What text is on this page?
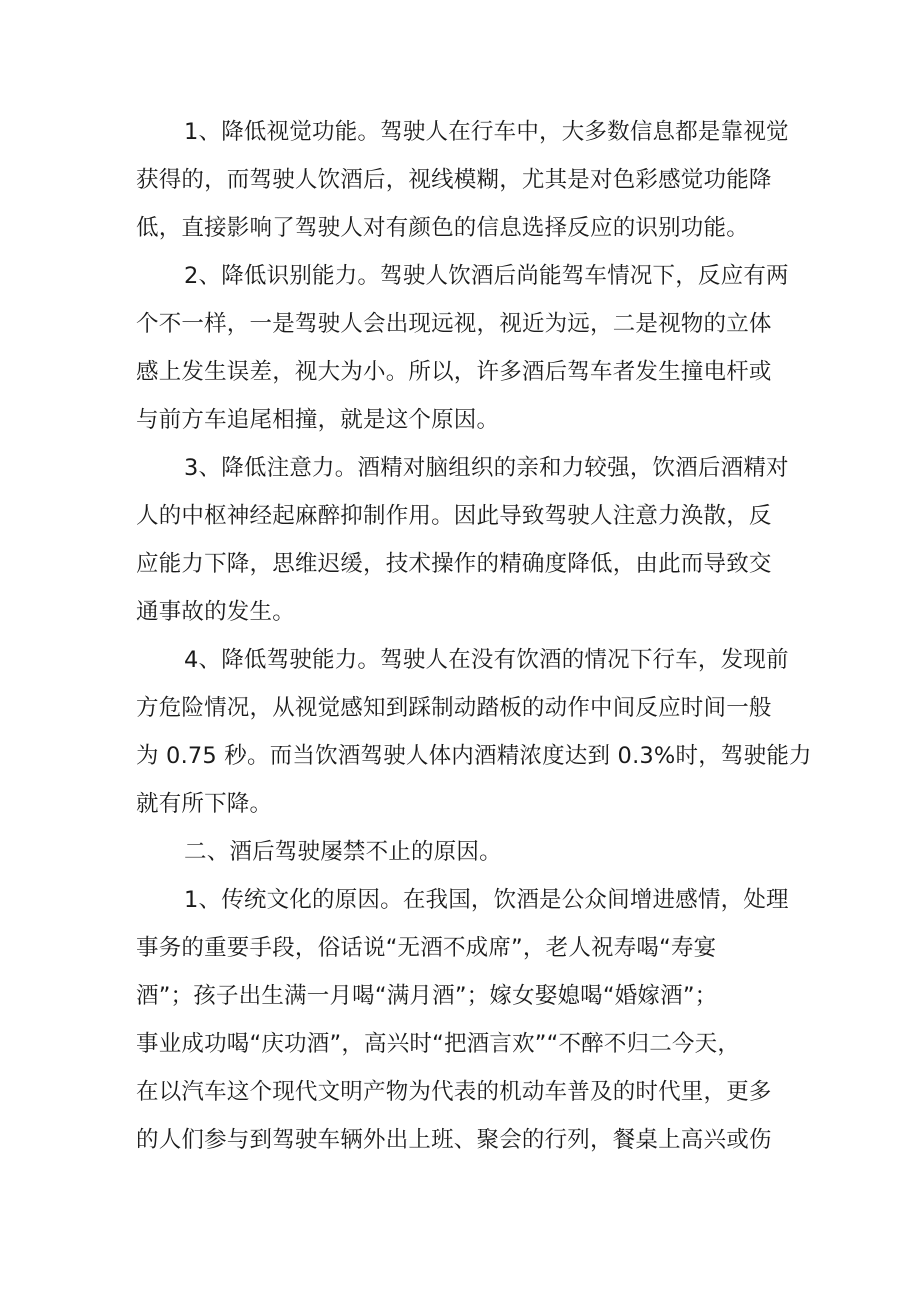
1、降低视觉功能。驾驶人在行车中，大多数信息都是靠视觉
获得的，而驾驶人饮酒后，视线模糊，尤其是对色彩感觉功能降
低，直接影响了驾驶人对有颜色的信息选择反应的识别功能。
2、降低识别能力。驾驶人饮酒后尚能驾车情况下，反应有两
个不一样，一是驾驶人会出现远视，视近为远，二是视物的立体
感上发生误差，视大为小。所以，许多酒后驾车者发生撞电杆或
与前方车追尾相撞，就是这个原因。
3、降低注意力。酒精对脑组织的亲和力较强，饮酒后酒精对
人的中枢神经起麻醉抑制作用。因此导致驾驶人注意力涣散，反
应能力下降，思维迟缓，技术操作的精确度降低，由此而导致交
通事故的发生。
4、降低驾驶能力。驾驶人在没有饮酒的情况下行车，发现前
方危险情况，从视觉感知到踩制动踏板的动作中间反应时间一般
为 0.75 秒。而当饮酒驾驶人体内酒精浓度达到 0.3%时，驾驶能力
就有所下降。
二、酒后驾驶屡禁不止的原因。
1、传统文化的原因。在我国，饮酒是公众间增进感情，处理
事务的重要手段，俗话说“无酒不成席”，老人祝寿喝“寿宴
酒”；孩子出生满一月喝“满月酒”；嫁女娶媳喝“婚嫁酒”；
事业成功喝“庆功酒”，高兴时“把酒言欢”“不醉不归二今天，
在以汽车这个现代文明产物为代表的机动车普及的时代里，更多
的人们参与到驾驶车辆外出上班、聚会的行列，餐桌上高兴或伤
